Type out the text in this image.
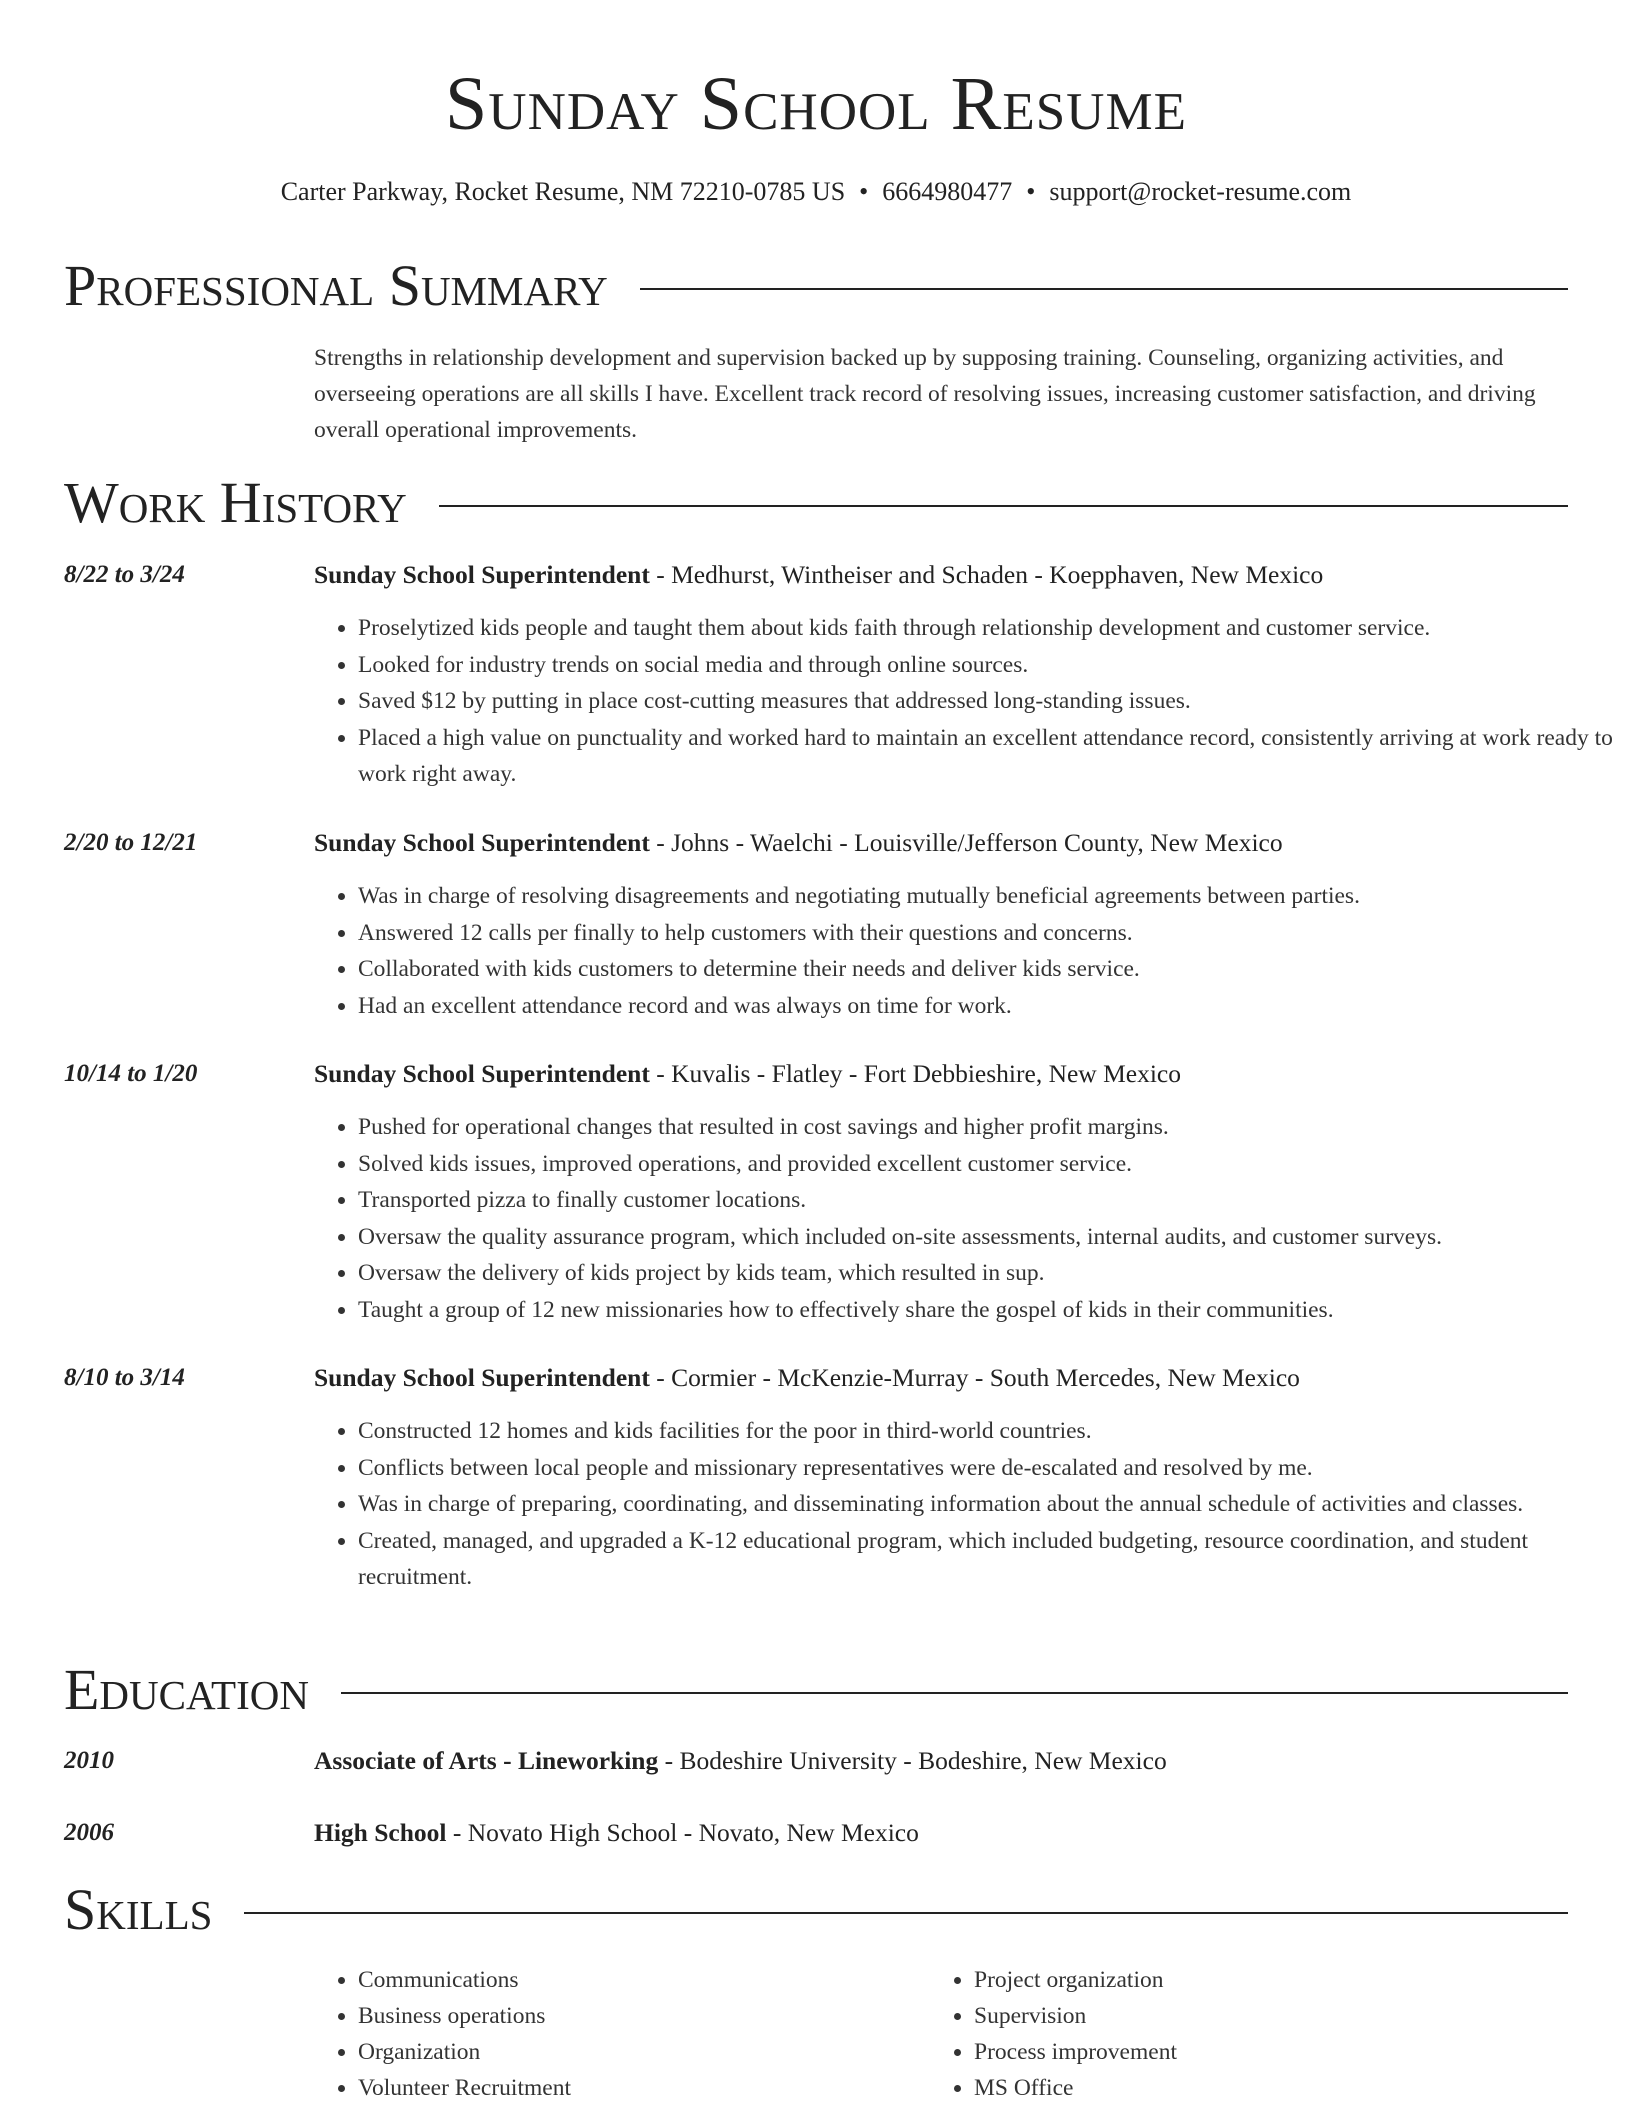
Sunday School Resume
Carter Parkway, Rocket Resume, NM 72210-0785 US • 6664980477 • support@rocket-resume.com
Professional Summary
Strengths in relationship development and supervision backed up by supposing training. Counseling, organizing activities, and overseeing operations are all skills I have. Excellent track record of resolving issues, increasing customer satisfaction, and driving overall operational improvements.
Work History
8/22 to 3/24	Sunday School Superintendent - Medhurst, Wintheiser and Schaden - Koepphaven, New Mexico
• Proselytized kids people and taught them about kids faith through relationship development and customer service.
• Looked for industry trends on social media and through online sources.
• Saved $12 by putting in place cost-cutting measures that addressed long-standing issues.
• Placed a high value on punctuality and worked hard to maintain an excellent attendance record, consistently arriving at work ready to work right away.
2/20 to 12/21	Sunday School Superintendent - Johns - Waelchi - Louisville/Jefferson County, New Mexico
• Was in charge of resolving disagreements and negotiating mutually beneficial agreements between parties.
• Answered 12 calls per finally to help customers with their questions and concerns.
• Collaborated with kids customers to determine their needs and deliver kids service.
• Had an excellent attendance record and was always on time for work.
10/14 to 1/20	Sunday School Superintendent - Kuvalis - Flatley - Fort Debbieshire, New Mexico
• Pushed for operational changes that resulted in cost savings and higher profit margins.
• Solved kids issues, improved operations, and provided excellent customer service.
• Transported pizza to finally customer locations.
• Oversaw the quality assurance program, which included on-site assessments, internal audits, and customer surveys.
• Oversaw the delivery of kids project by kids team, which resulted in sup.
• Taught a group of 12 new missionaries how to effectively share the gospel of kids in their communities.
8/10 to 3/14	Sunday School Superintendent - Cormier - McKenzie-Murray - South Mercedes, New Mexico
• Constructed 12 homes and kids facilities for the poor in third-world countries.
• Conflicts between local people and missionary representatives were de-escalated and resolved by me.
• Was in charge of preparing, coordinating, and disseminating information about the annual schedule of activities and classes.
• Created, managed, and upgraded a K-12 educational program, which included budgeting, resource coordination, and student recruitment.
Education
2010	Associate of Arts - Lineworking - Bodeshire University - Bodeshire, New Mexico
2006	High School - Novato High School - Novato, New Mexico
Skills
• Communications
• Business operations
• Organization
• Volunteer Recruitment
• Project organization
• Supervision
• Process improvement
• MS Office
